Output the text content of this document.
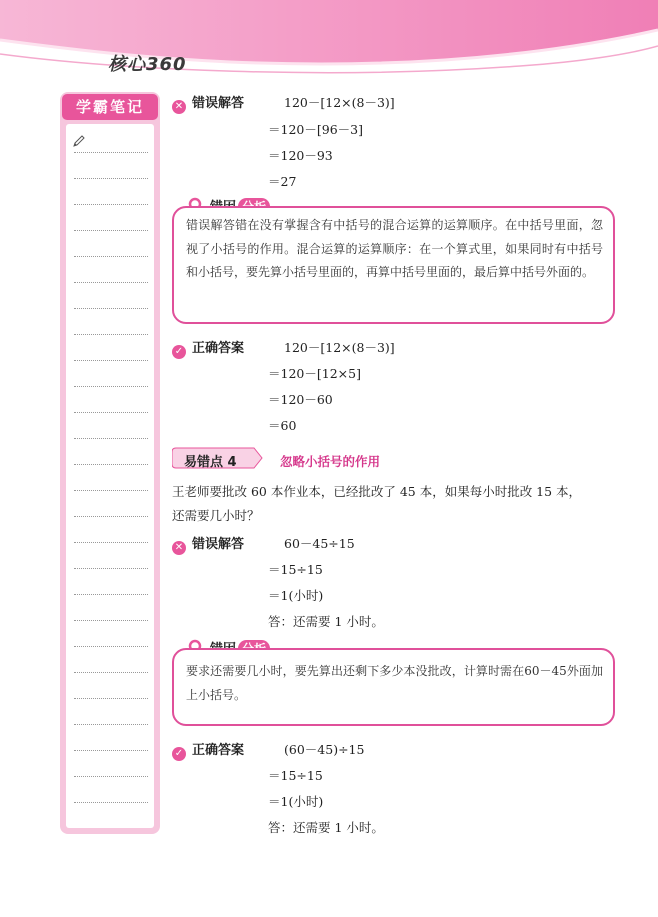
核心360
学霸笔记	✕ 错误解答	120－[12×(8－3)]
＝120－[96－3]
＝120－93
＝27
错误解答错在没有掌握含有中括号的混合运算的运算顺序。在中括号里面，忽视了小括号的作用。混合运算的运算顺序：在一个算式里，如果同时有中括号和小括号，要先算小括号里面的，再算中括号里面的，最后算中括号外面的。
✓ 正确答案	120－[12×(8－3)]
＝120－[12×5]
＝120－60
＝60
易错点 4	忽略小括号的作用
王老师要批改 60 本作业本，已经批改了 45 本，如果每小时批改 15 本，
还需要几小时？
✕ 错误解答	60－45÷15
＝15÷15
＝1(小时)
答：还需要 1 小时。
要求还需要几小时，要先算出还剩下多少本没批改，计算时需在60－45外面加上小括号。
✓ 正确答案	(60－45)÷15
＝15÷15
＝1(小时)
答：还需要 1 小时。
